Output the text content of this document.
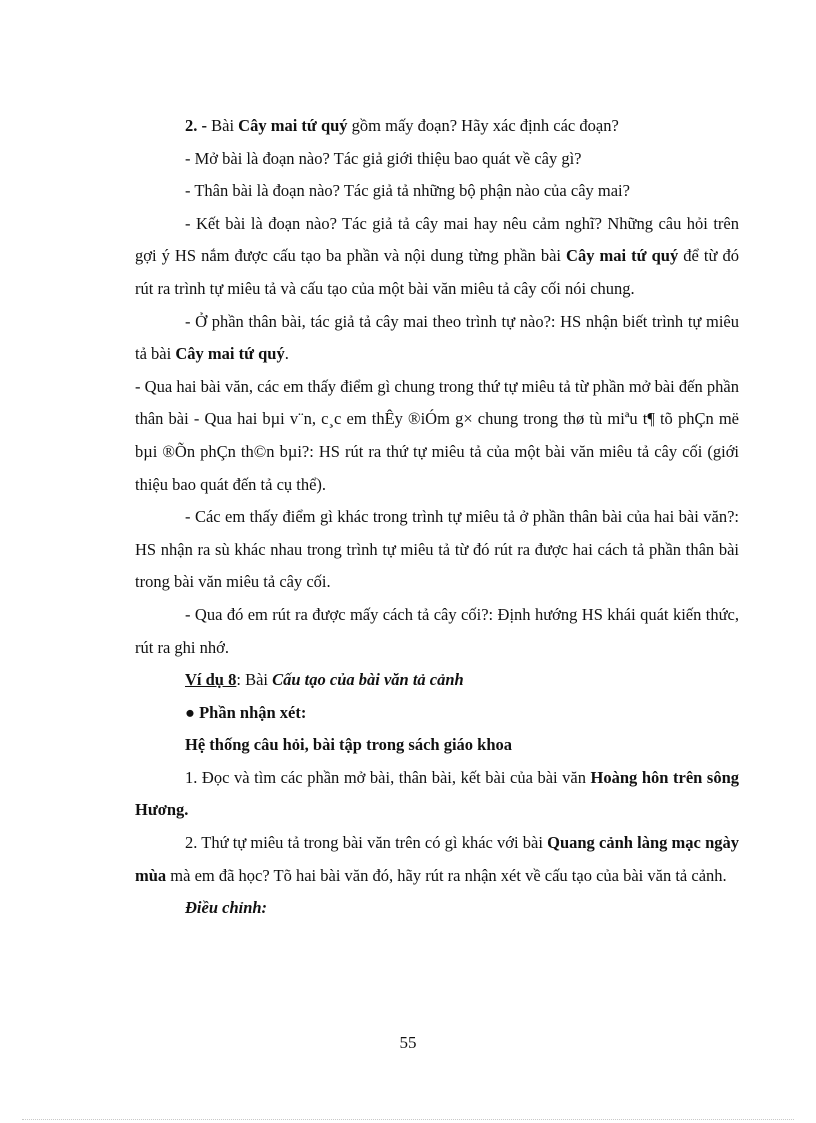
2. - Bài Cây mai tứ quý gồm mấy đoạn? Hãy xác định các đoạn?

- Mở bài là đoạn nào? Tác giả giới thiệu bao quát về cây gì?

- Thân bài là đoạn nào? Tác giả tả những bộ phận nào của cây mai?

- Kết bài là đoạn nào? Tác giả tả cây mai hay nêu cảm nghĩ? Những câu hỏi trên gợi ý HS nắm được cấu tạo ba phần và nội dung từng phần bài Cây mai tứ quý để từ đó rút ra trình tự miêu tả và cấu tạo của một bài văn miêu tả cây cối nói chung.

- Ở phần thân bài, tác giả tả cây mai theo trình tự nào?: HS nhận biết trình tự miêu tả bài Cây mai tứ quý.

- Qua hai bài văn, các em thấy điểm gì chung trong thứ tự miêu tả từ phần mở bài đến phần thân bài - Qua hai bµi v¨n, c¸c em thÊy ®iÓm g× chung trong thø tù miªu t¶ tõ phÇn më bµi ®Õn phÇn th©n bµi?: HS rút ra thứ tự miêu tả của một bài văn miêu tả cây cối (giới thiệu bao quát đến tả cụ thể).

- Các em thấy điểm gì khác trong trình tự miêu tả ở phần thân bài của hai bài văn?: HS nhận ra sù khác nhau trong trình tự miêu tả từ đó rút ra được hai cách tả phần thân bài trong bài văn miêu tả cây cối.

- Qua đó em rút ra được mấy cách tả cây cối?: Định hướng HS khái quát kiến thức, rút ra ghi nhớ.

Ví dụ 8: Bài Cấu tạo của bài văn tả cảnh

● Phần nhận xét:

Hệ thống câu hỏi, bài tập trong sách giáo khoa

1. Đọc và tìm các phần mở bài, thân bài, kết bài của bài văn Hoàng hôn trên sông Hương.

2. Thứ tự miêu tả trong bài văn trên có gì khác với bài Quang cảnh làng mạc ngày mùa mà em đã học? Tõ hai bài văn đó, hãy rút ra nhận xét về cấu tạo của bài văn tả cảnh.

Điều chỉnh:

55
